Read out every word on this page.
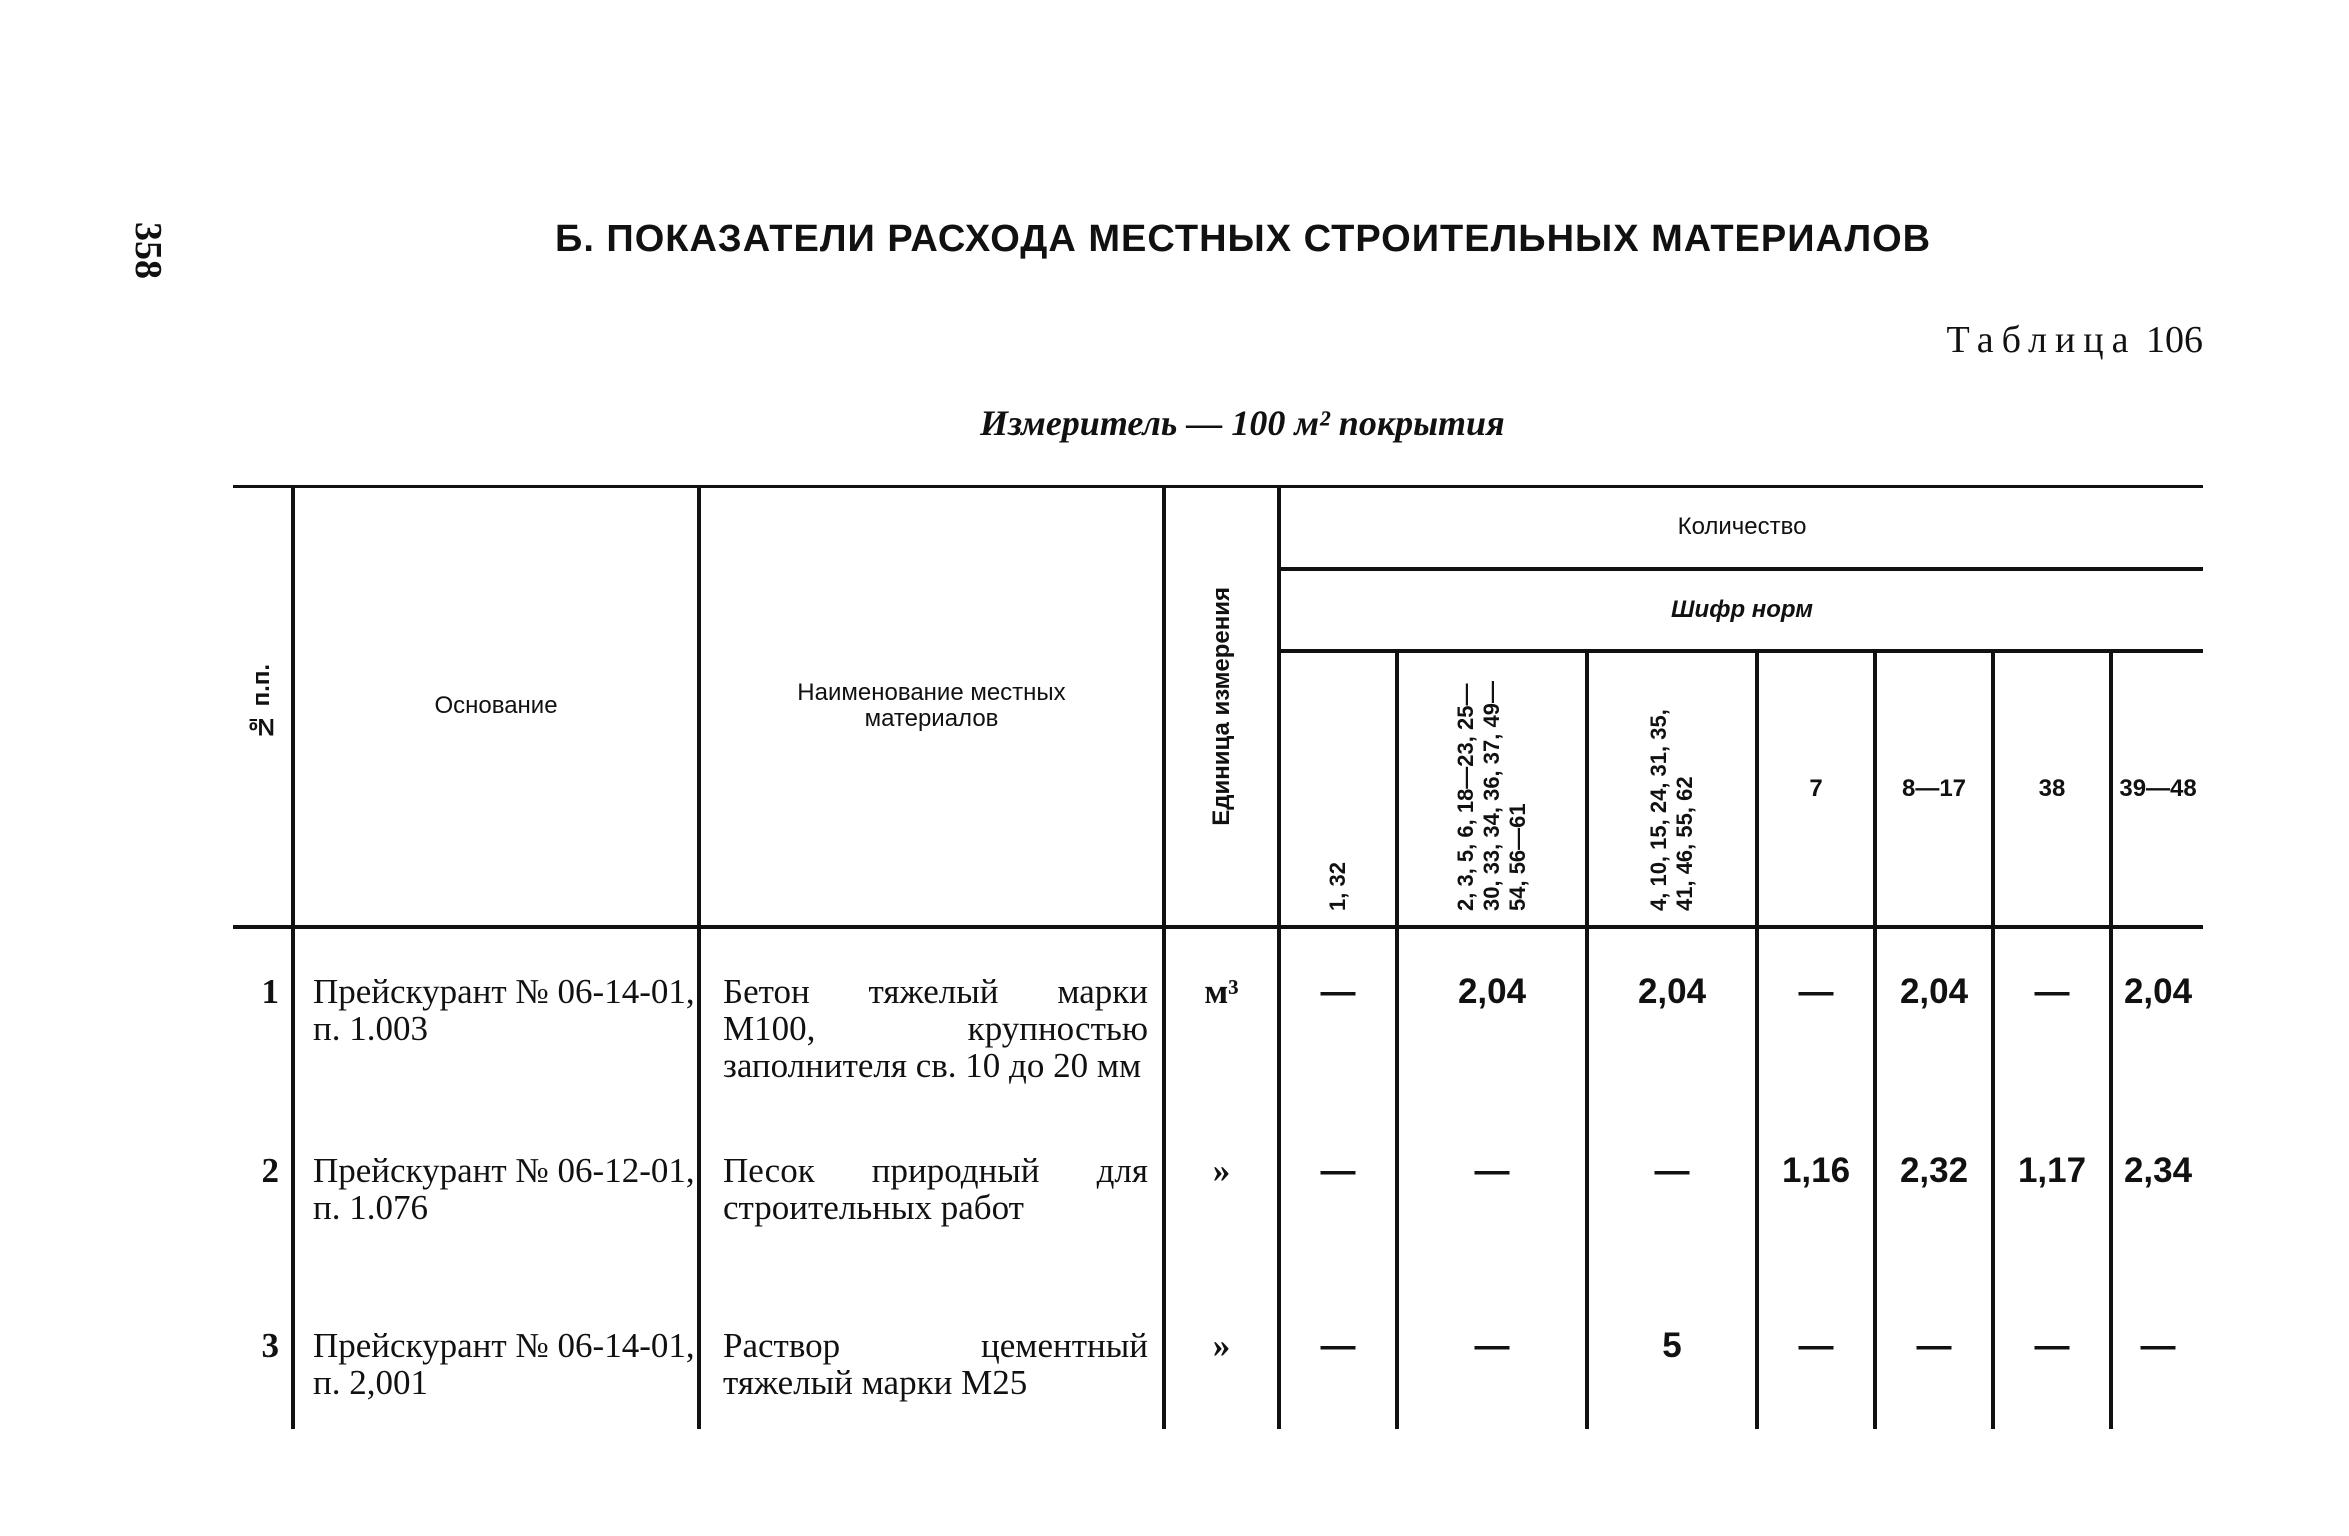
358	Б. ПОКАЗАТЕЛИ РАСХОДА МЕСТНЫХ СТРОИТЕЛЬНЫХ МАТЕРИАЛОВ
Таблица 106
Измеритель — 100 м² покрытия
№ п.п.	Основание	Наименование местных материалов	Единица измерения	Количество						
				Шифр норм						

				1, 32	2, 3, 5, 6, 18—23, 25—30, 33, 34, 36, 37, 49—54, 56—61	4, 10, 15, 24, 31, 35, 41, 46, 55, 62	7	8—17	38	39—48
1	Прейскурант № 06-14-01, п. 1.003	Бетон тяжелый марки М100, крупностью заполнителя св. 10 до 20 мм	м³	—	2,04	2,04	—	2,04	—	2,04
2	Прейскурант № 06-12-01, п. 1.076	Песок природный для строительных работ	»	—	—	—	1,16	2,32	1,17	2,34
3	Прейскурант № 06-14-01, п. 2,001	Раствор цементный тяжелый марки М25	»	—	—	5	—	—	—	—
